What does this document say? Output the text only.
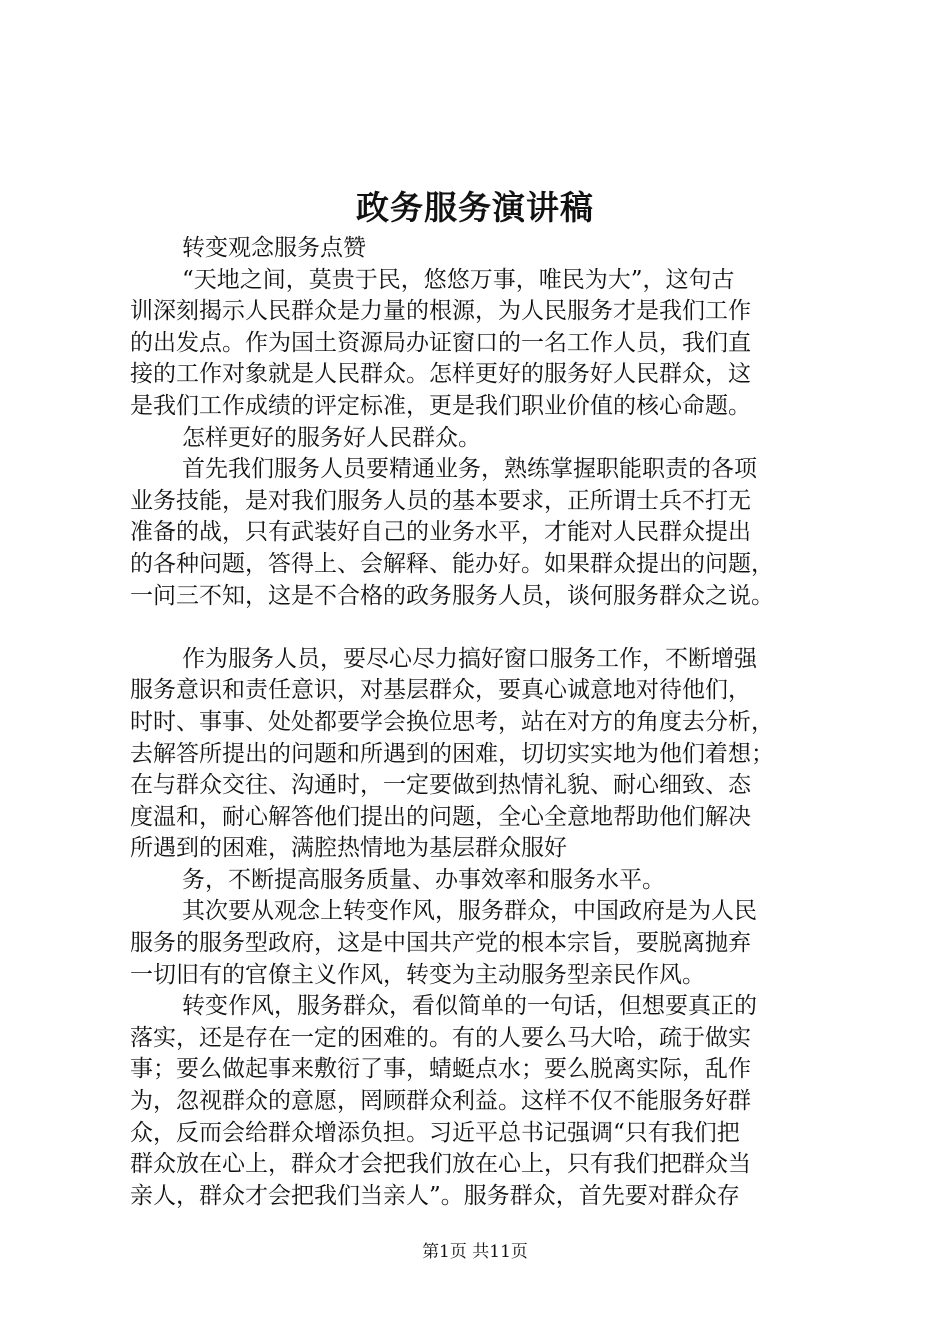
政务服务演讲稿
转变观念服务点赞
“天地之间，莫贵于民，悠悠万事，唯民为大”，这句古
训深刻揭示人民群众是力量的根源，为人民服务才是我们工作
的出发点。作为国土资源局办证窗口的一名工作人员，我们直
接的工作对象就是人民群众。怎样更好的服务好人民群众，这
是我们工作成绩的评定标准，更是我们职业价值的核心命题。
怎样更好的服务好人民群众。
首先我们服务人员要精通业务，熟练掌握职能职责的各项
业务技能，是对我们服务人员的基本要求，正所谓士兵不打无
准备的战，只有武装好自己的业务水平，才能对人民群众提出
的各种问题，答得上、会解释、能办好。如果群众提出的问题，
一问三不知，这是不合格的政务服务人员，谈何服务群众之说。
作为服务人员，要尽心尽力搞好窗口服务工作，不断增强
服务意识和责任意识，对基层群众，要真心诚意地对待他们，
时时、事事、处处都要学会换位思考，站在对方的角度去分析，
去解答所提出的问题和所遇到的困难，切切实实地为他们着想；
在与群众交往、沟通时，一定要做到热情礼貌、耐心细致、态
度温和，耐心解答他们提出的问题，全心全意地帮助他们解决
所遇到的困难，满腔热情地为基层群众服好
务，不断提高服务质量、办事效率和服务水平。
其次要从观念上转变作风，服务群众，中国政府是为人民
服务的服务型政府，这是中国共产党的根本宗旨，要脱离抛弃
一切旧有的官僚主义作风，转变为主动服务型亲民作风。
转变作风，服务群众，看似简单的一句话，但想要真正的
落实，还是存在一定的困难的。有的人要么马大哈，疏于做实
事；要么做起事来敷衍了事，蜻蜓点水；要么脱离实际，乱作
为，忽视群众的意愿，罔顾群众利益。这样不仅不能服务好群
众，反而会给群众增添负担。习近平总书记强调“只有我们把
群众放在心上，群众才会把我们放在心上，只有我们把群众当
亲人，群众才会把我们当亲人”。服务群众，首先要对群众存
第1页 共11页
